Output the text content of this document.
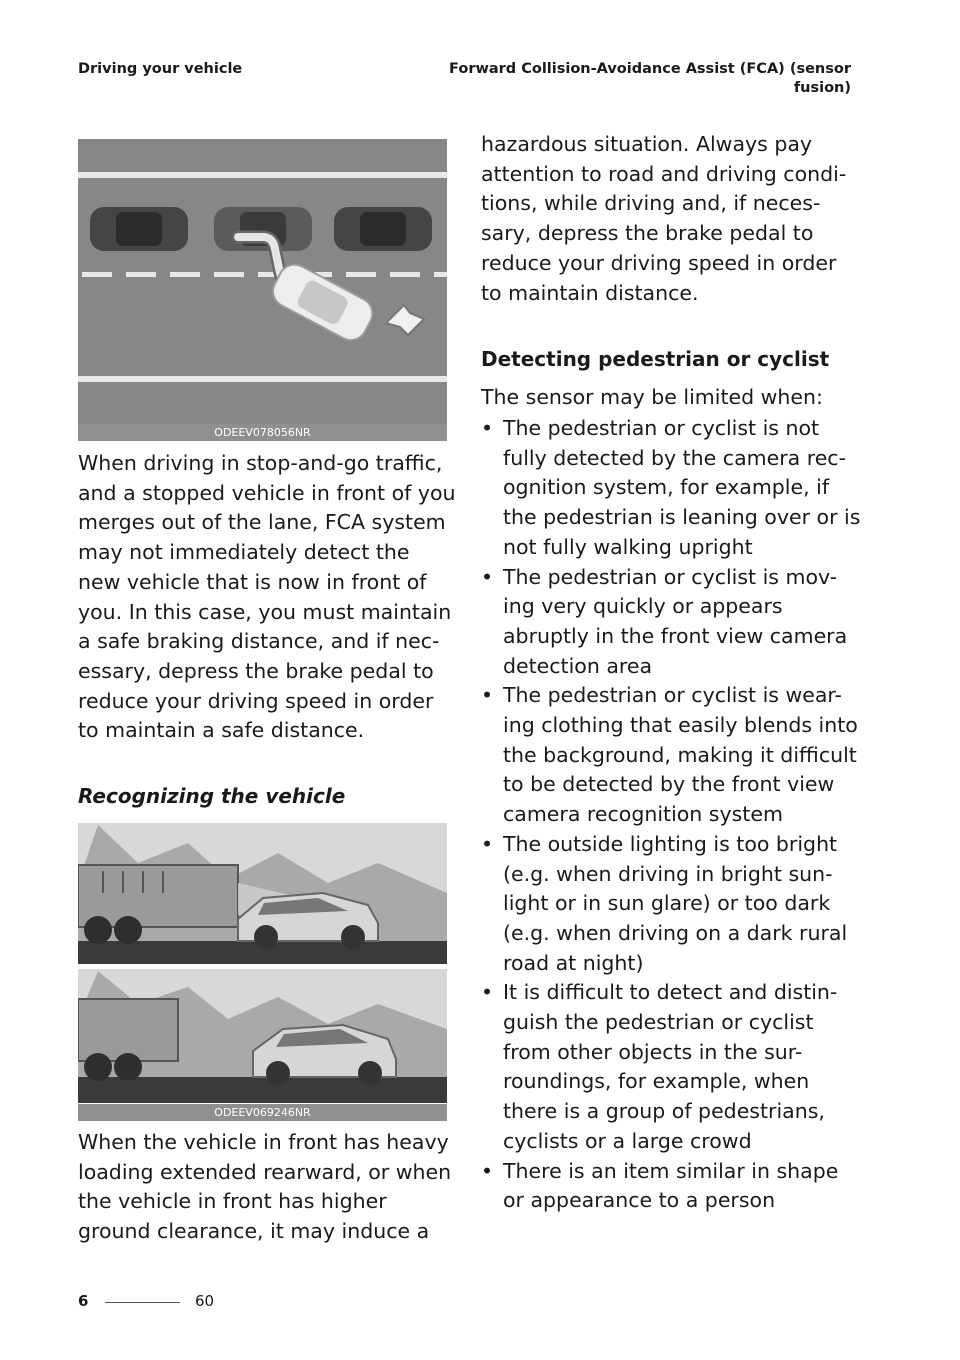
Driving your vehicle	Forward Collision-Avoidance Assist (FCA) (sensor
fusion)
ODEEV078056NR

When driving in stop-and-go traffic,
and a stopped vehicle in front of you
merges out of the lane, FCA system
may not immediately detect the
new vehicle that is now in front of
you. In this case, you must maintain
a safe braking distance, and if nec-
essary, depress the brake pedal to
reduce your driving speed in order
to maintain a safe distance.

Recognizing the vehicle
ODEEV069246NR

When the vehicle in front has heavy
loading extended rearward, or when
the vehicle in front has higher
ground clearance, it may induce a

hazardous situation. Always pay
attention to road and driving condi-
tions, while driving and, if neces-
sary, depress the brake pedal to
reduce your driving speed in order
to maintain distance.

Detecting pedestrian or cyclist

The sensor may be limited when:

• The pedestrian or cyclist is not
fully detected by the camera rec-
ognition system, for example, if
the pedestrian is leaning over or is
not fully walking upright
• The pedestrian or cyclist is mov-
ing very quickly or appears
abruptly in the front view camera
detection area
• The pedestrian or cyclist is wear-
ing clothing that easily blends into
the background, making it difficult
to be detected by the front view
camera recognition system
• The outside lighting is too bright
(e.g. when driving in bright sun-
light or in sun glare) or too dark
(e.g. when driving on a dark rural
road at night)
• It is difficult to detect and distin-
guish the pedestrian or cyclist
from other objects in the sur-
roundings, for example, when
there is a group of pedestrians,
cyclists or a large crowd
• There is an item similar in shape
or appearance to a person
6	60
